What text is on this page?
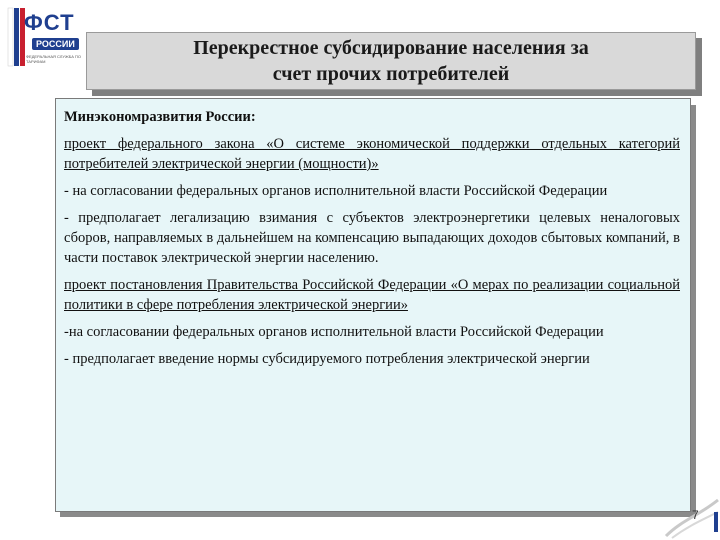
ФСТ
РОССИИ
ФЕДЕРАЛЬНАЯ СЛУЖБА ПО ТАРИФАМ
Перекрестное субсидирование населения за счет прочих потребителей

Минэкономразвития России:

проект федерального закона «О системе экономической поддержки отдельных категорий потребителей электрической энергии (мощности)»

- на согласовании федеральных органов исполнительной власти Российской Федерации

- предполагает легализацию взимания с субъектов электроэнергетики целевых неналоговых сборов, направляемых в дальнейшем на компенсацию выпадающих доходов сбытовых компаний, в части поставок электрической энергии населению.

проект постановления Правительства Российской Федерации «О мерах по реализации социальной политики в сфере потребления электрической энергии»

-на согласовании федеральных органов исполнительной власти Российской Федерации

- предполагает введение нормы субсидируемого потребления электрической энергии

7
